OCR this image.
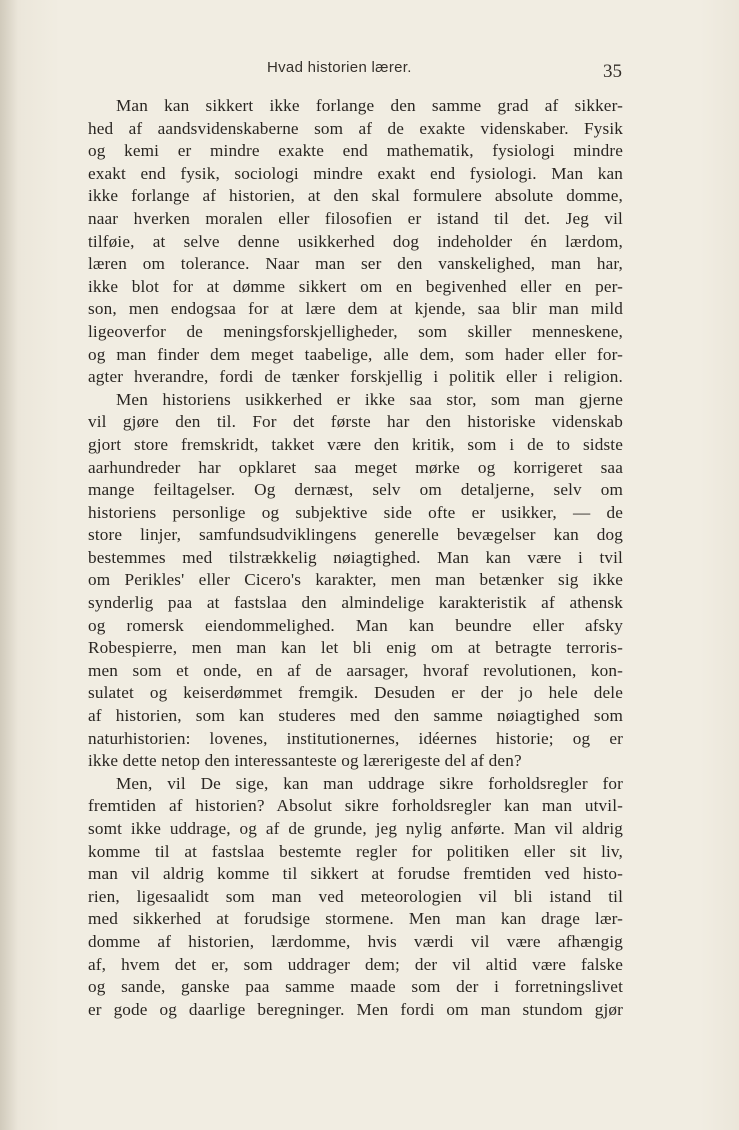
Hvad historien lærer.	35
Man kan sikkert ikke forlange den samme grad af sikker-
hed af aandsvidenskaberne som af de exakte videnskaber. Fysik
og kemi er mindre exakte end mathematik, fysiologi mindre
exakt end fysik, sociologi mindre exakt end fysiologi. Man kan
ikke forlange af historien, at den skal formulere absolute domme,
naar hverken moralen eller filosofien er istand til det. Jeg vil
tilføie, at selve denne usikkerhed dog indeholder én lærdom,
læren om tolerance. Naar man ser den vanskelighed, man har,
ikke blot for at dømme sikkert om en begivenhed eller en per-
son, men endogsaa for at lære dem at kjende, saa blir man mild
ligeoverfor de meningsforskjelligheder, som skiller menneskene,
og man finder dem meget taabelige, alle dem, som hader eller for-
agter hverandre, fordi de tænker forskjellig i politik eller i religion.
Men historiens usikkerhed er ikke saa stor, som man gjerne
vil gjøre den til. For det første har den historiske videnskab
gjort store fremskridt, takket være den kritik, som i de to sidste
aarhundreder har opklaret saa meget mørke og korrigeret saa
mange feiltagelser. Og dernæst, selv om detaljerne, selv om
historiens personlige og subjektive side ofte er usikker, — de
store linjer, samfundsudviklingens generelle bevægelser kan dog
bestemmes med tilstrækkelig nøiagtighed. Man kan være i tvil
om Perikles' eller Cicero's karakter, men man betænker sig ikke
synderlig paa at fastslaa den almindelige karakteristik af athensk
og romersk eiendommelighed. Man kan beundre eller afsky
Robespierre, men man kan let bli enig om at betragte terroris-
men som et onde, en af de aarsager, hvoraf revolutionen, kon-
sulatet og keiserdømmet fremgik. Desuden er der jo hele dele
af historien, som kan studeres med den samme nøiagtighed som
naturhistorien: lovenes, institutionernes, idéernes historie; og er
ikke dette netop den interessanteste og lærerigeste del af den?
Men, vil De sige, kan man uddrage sikre forholdsregler for
fremtiden af historien? Absolut sikre forholdsregler kan man utvil-
somt ikke uddrage, og af de grunde, jeg nylig anførte. Man vil aldrig
komme til at fastslaa bestemte regler for politiken eller sit liv,
man vil aldrig komme til sikkert at forudse fremtiden ved histo-
rien, ligesaalidt som man ved meteorologien vil bli istand til
med sikkerhed at forudsige stormene. Men man kan drage lær-
domme af historien, lærdomme, hvis værdi vil være afhængig
af, hvem det er, som uddrager dem; der vil altid være falske
og sande, ganske paa samme maade som der i forretningslivet
er gode og daarlige beregninger. Men fordi om man stundom gjør
